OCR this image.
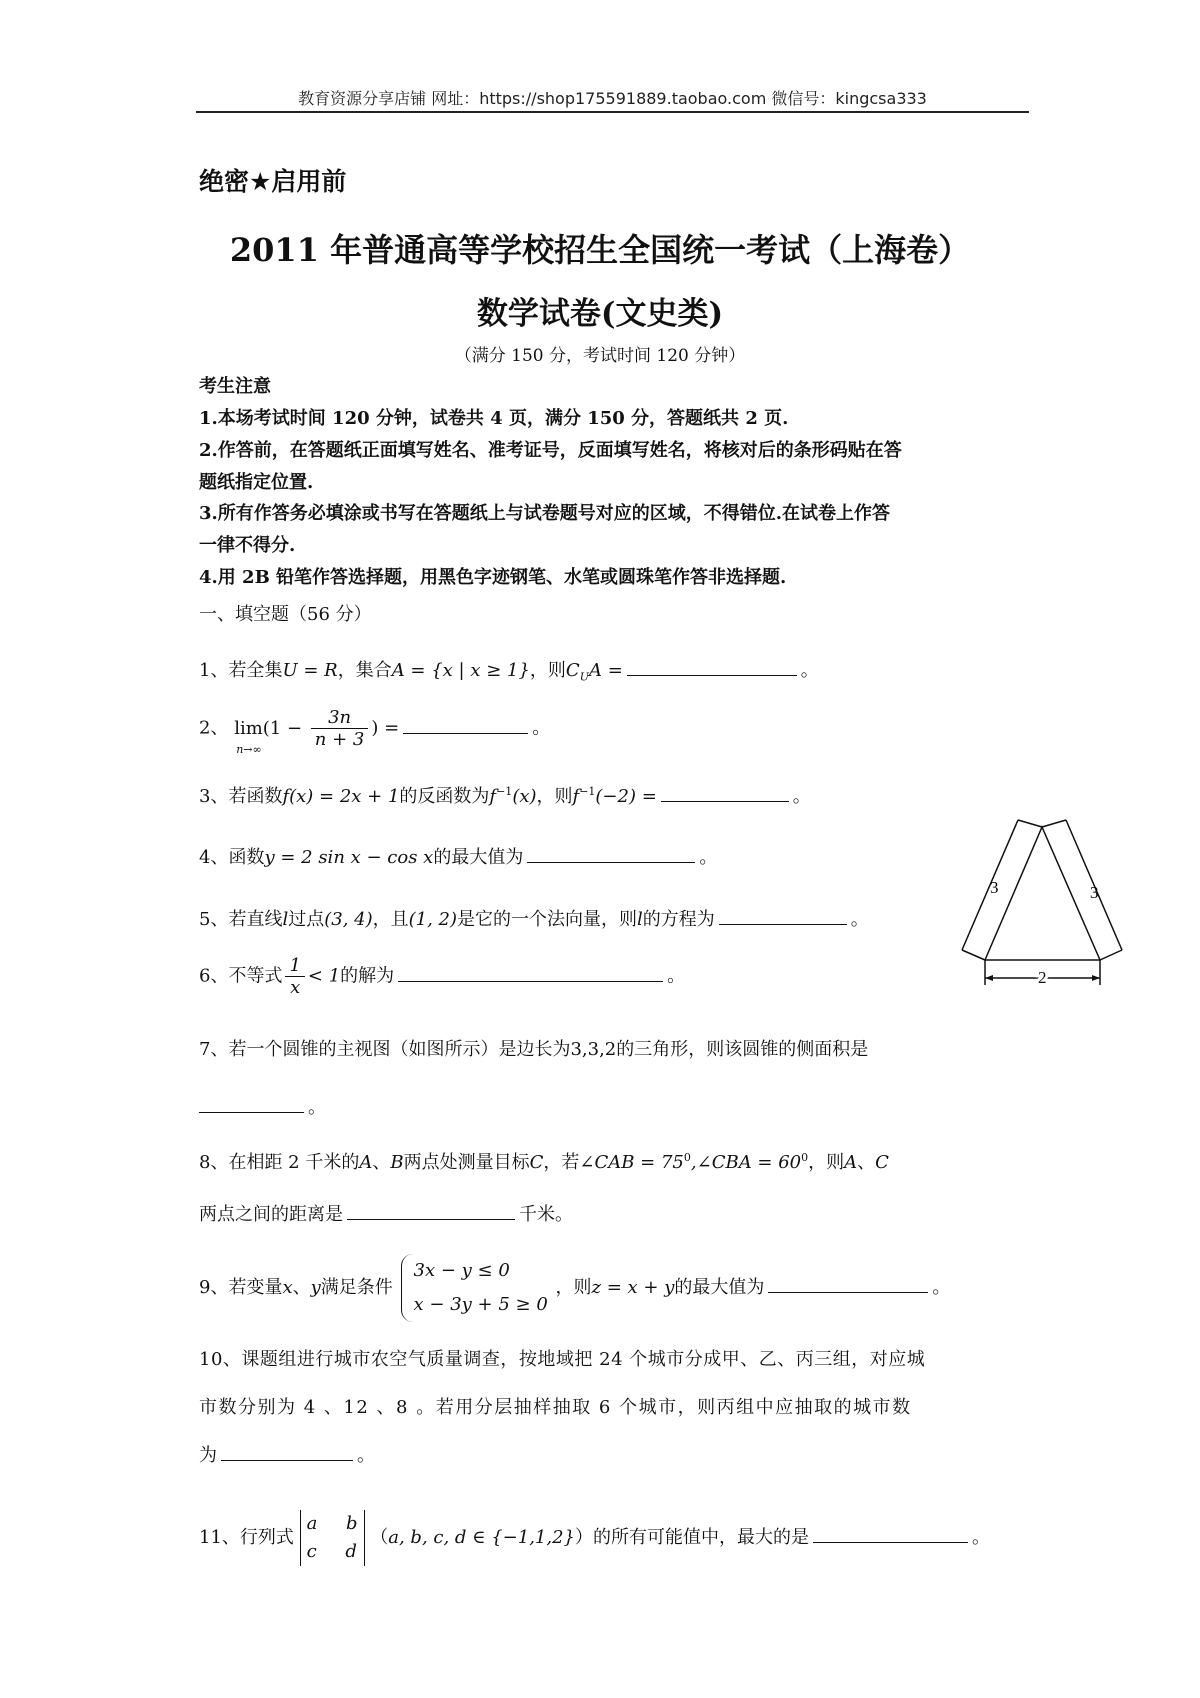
教育资源分享店铺 网址：https://shop175591889.taobao.com 微信号：kingcsa333
绝密★启用前
2011 年普通高等学校招生全国统一考试（上海卷）
数学试卷(文史类)
（满分 150 分，考试时间 120 分钟）
考生注意
1.本场考试时间 120 分钟，试卷共 4 页，满分 150 分，答题纸共 2 页.
2.作答前，在答题纸正面填写姓名、准考证号，反面填写姓名，将核对后的条形码贴在答
题纸指定位置.
3.所有作答务必填涂或书写在答题纸上与试卷题号对应的区域，不得错位.在试卷上作答
一律不得分.
4.用 2B 铅笔作答选择题，用黑色字迹钢笔、水笔或圆珠笔作答非选择题.
一、填空题（56 分）
1、若全集U = R，集合A = {x | x ≥ 1}，则$C_UA$ =	。
2、 lim(1 −
n→∞
	$\frac{3n}{n + 3}$ ) =	。
3、若函数f(x) = 2x + 1的反函数为$f^{-1}(x)$，则$f^{-1}(-2)$ =	。
4、函数y = 2 sin x − cos x的最大值为	。
5、若直线l过点(3, 4)，且(1, 2)是它的一个法向量，则l的方程为	。
6、不等式 $\frac{1}{x} < 1$的解为	。
7、若一个圆锥的主视图（如图所示）是边长为3,3,2的三角形，则该圆锥的侧面积是
。
8、在相距 2 千米的A、B两点处测量目标C，若∠CAB = $75^0,\angle CBA = 60^0$，则A、C
两点之间的距离是	千米。
9、若变量x、y满足条件
3x − y ≤ 0
x − 3y + 5 ≥ 0
，则z = x + y的最大值为	。
10、课题组进行城市农空气质量调查，按地域把 24 个城市分成甲、乙、丙三组，对应城
市数分别为 4 、12 、8 。若用分层抽样抽取 6 个城市，则丙组中应抽取的城市数
为	。
11、行列式
a b
c d
（a, b, c, d ∈ {−1,1,2}）的所有可能值中，最大的是	。
3	3
2
